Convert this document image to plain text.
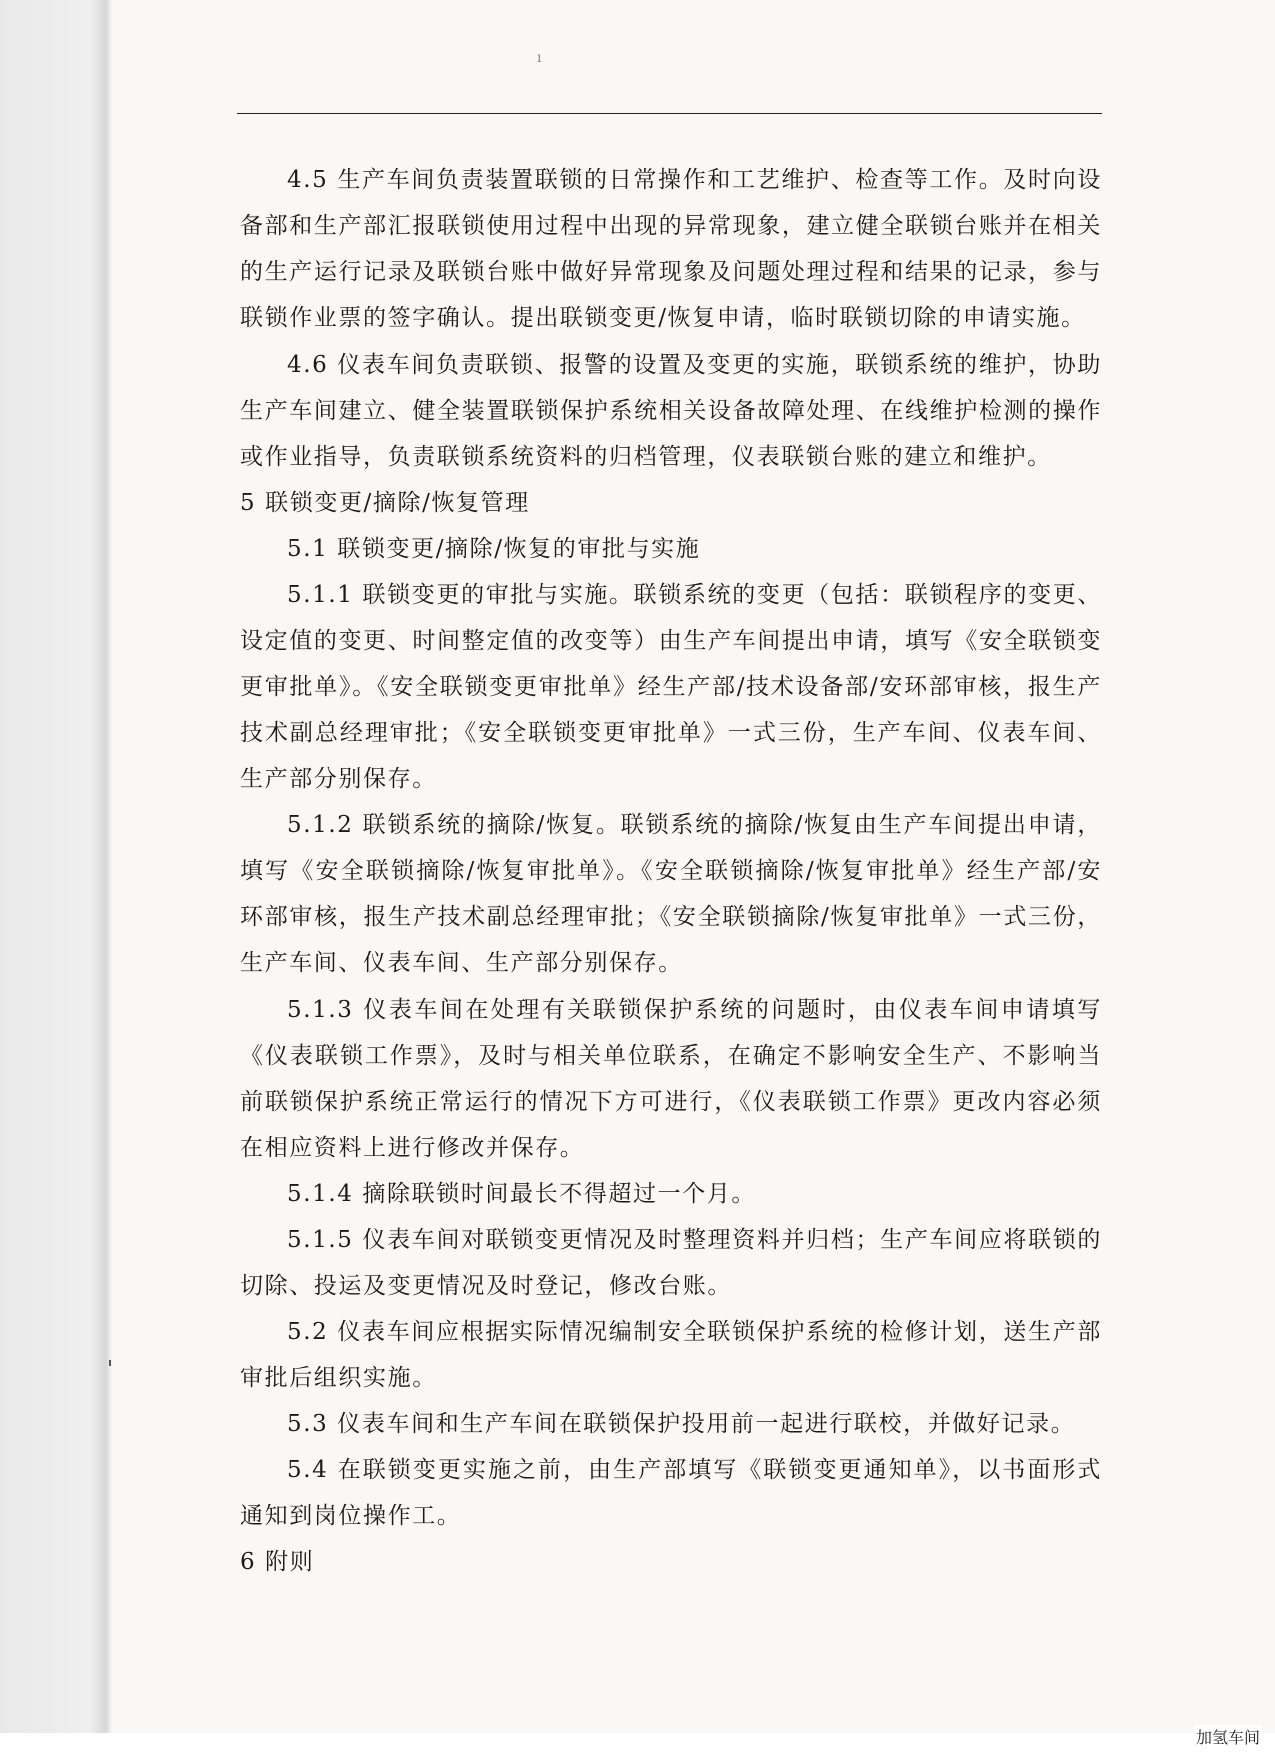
ı
4.5 生产车间负责装置联锁的日常操作和工艺维护、检查等工作。及时向设
备部和生产部汇报联锁使用过程中出现的异常现象，建立健全联锁台账并在相关
的生产运行记录及联锁台账中做好异常现象及问题处理过程和结果的记录，参与
联锁作业票的签字确认。提出联锁变更/恢复申请，临时联锁切除的申请实施。
4.6 仪表车间负责联锁、报警的设置及变更的实施，联锁系统的维护，协助
生产车间建立、健全装置联锁保护系统相关设备故障处理、在线维护检测的操作
或作业指导，负责联锁系统资料的归档管理，仪表联锁台账的建立和维护。
5 联锁变更/摘除/恢复管理
5.1 联锁变更/摘除/恢复的审批与实施
5.1.1 联锁变更的审批与实施。联锁系统的变更（包括：联锁程序的变更、
设定值的变更、时间整定值的改变等）由生产车间提出申请，填写《安全联锁变
更审批单》。《安全联锁变更审批单》经生产部/技术设备部/安环部审核，报生产
技术副总经理审批；《安全联锁变更审批单》一式三份，生产车间、仪表车间、
生产部分别保存。
5.1.2 联锁系统的摘除/恢复。联锁系统的摘除/恢复由生产车间提出申请，
填写《安全联锁摘除/恢复审批单》。《安全联锁摘除/恢复审批单》经生产部/安
环部审核，报生产技术副总经理审批；《安全联锁摘除/恢复审批单》一式三份，
生产车间、仪表车间、生产部分别保存。
5.1.3 仪表车间在处理有关联锁保护系统的问题时，由仪表车间申请填写
《仪表联锁工作票》，及时与相关单位联系，在确定不影响安全生产、不影响当
前联锁保护系统正常运行的情况下方可进行，《仪表联锁工作票》更改内容必须
在相应资料上进行修改并保存。
5.1.4 摘除联锁时间最长不得超过一个月。
5.1.5 仪表车间对联锁变更情况及时整理资料并归档；生产车间应将联锁的
切除、投运及变更情况及时登记，修改台账。
5.2 仪表车间应根据实际情况编制安全联锁保护系统的检修计划，送生产部
审批后组织实施。
5.3 仪表车间和生产车间在联锁保护投用前一起进行联校，并做好记录。
5.4 在联锁变更实施之前，由生产部填写《联锁变更通知单》，以书面形式
通知到岗位操作工。
6 附则
加氢车间
